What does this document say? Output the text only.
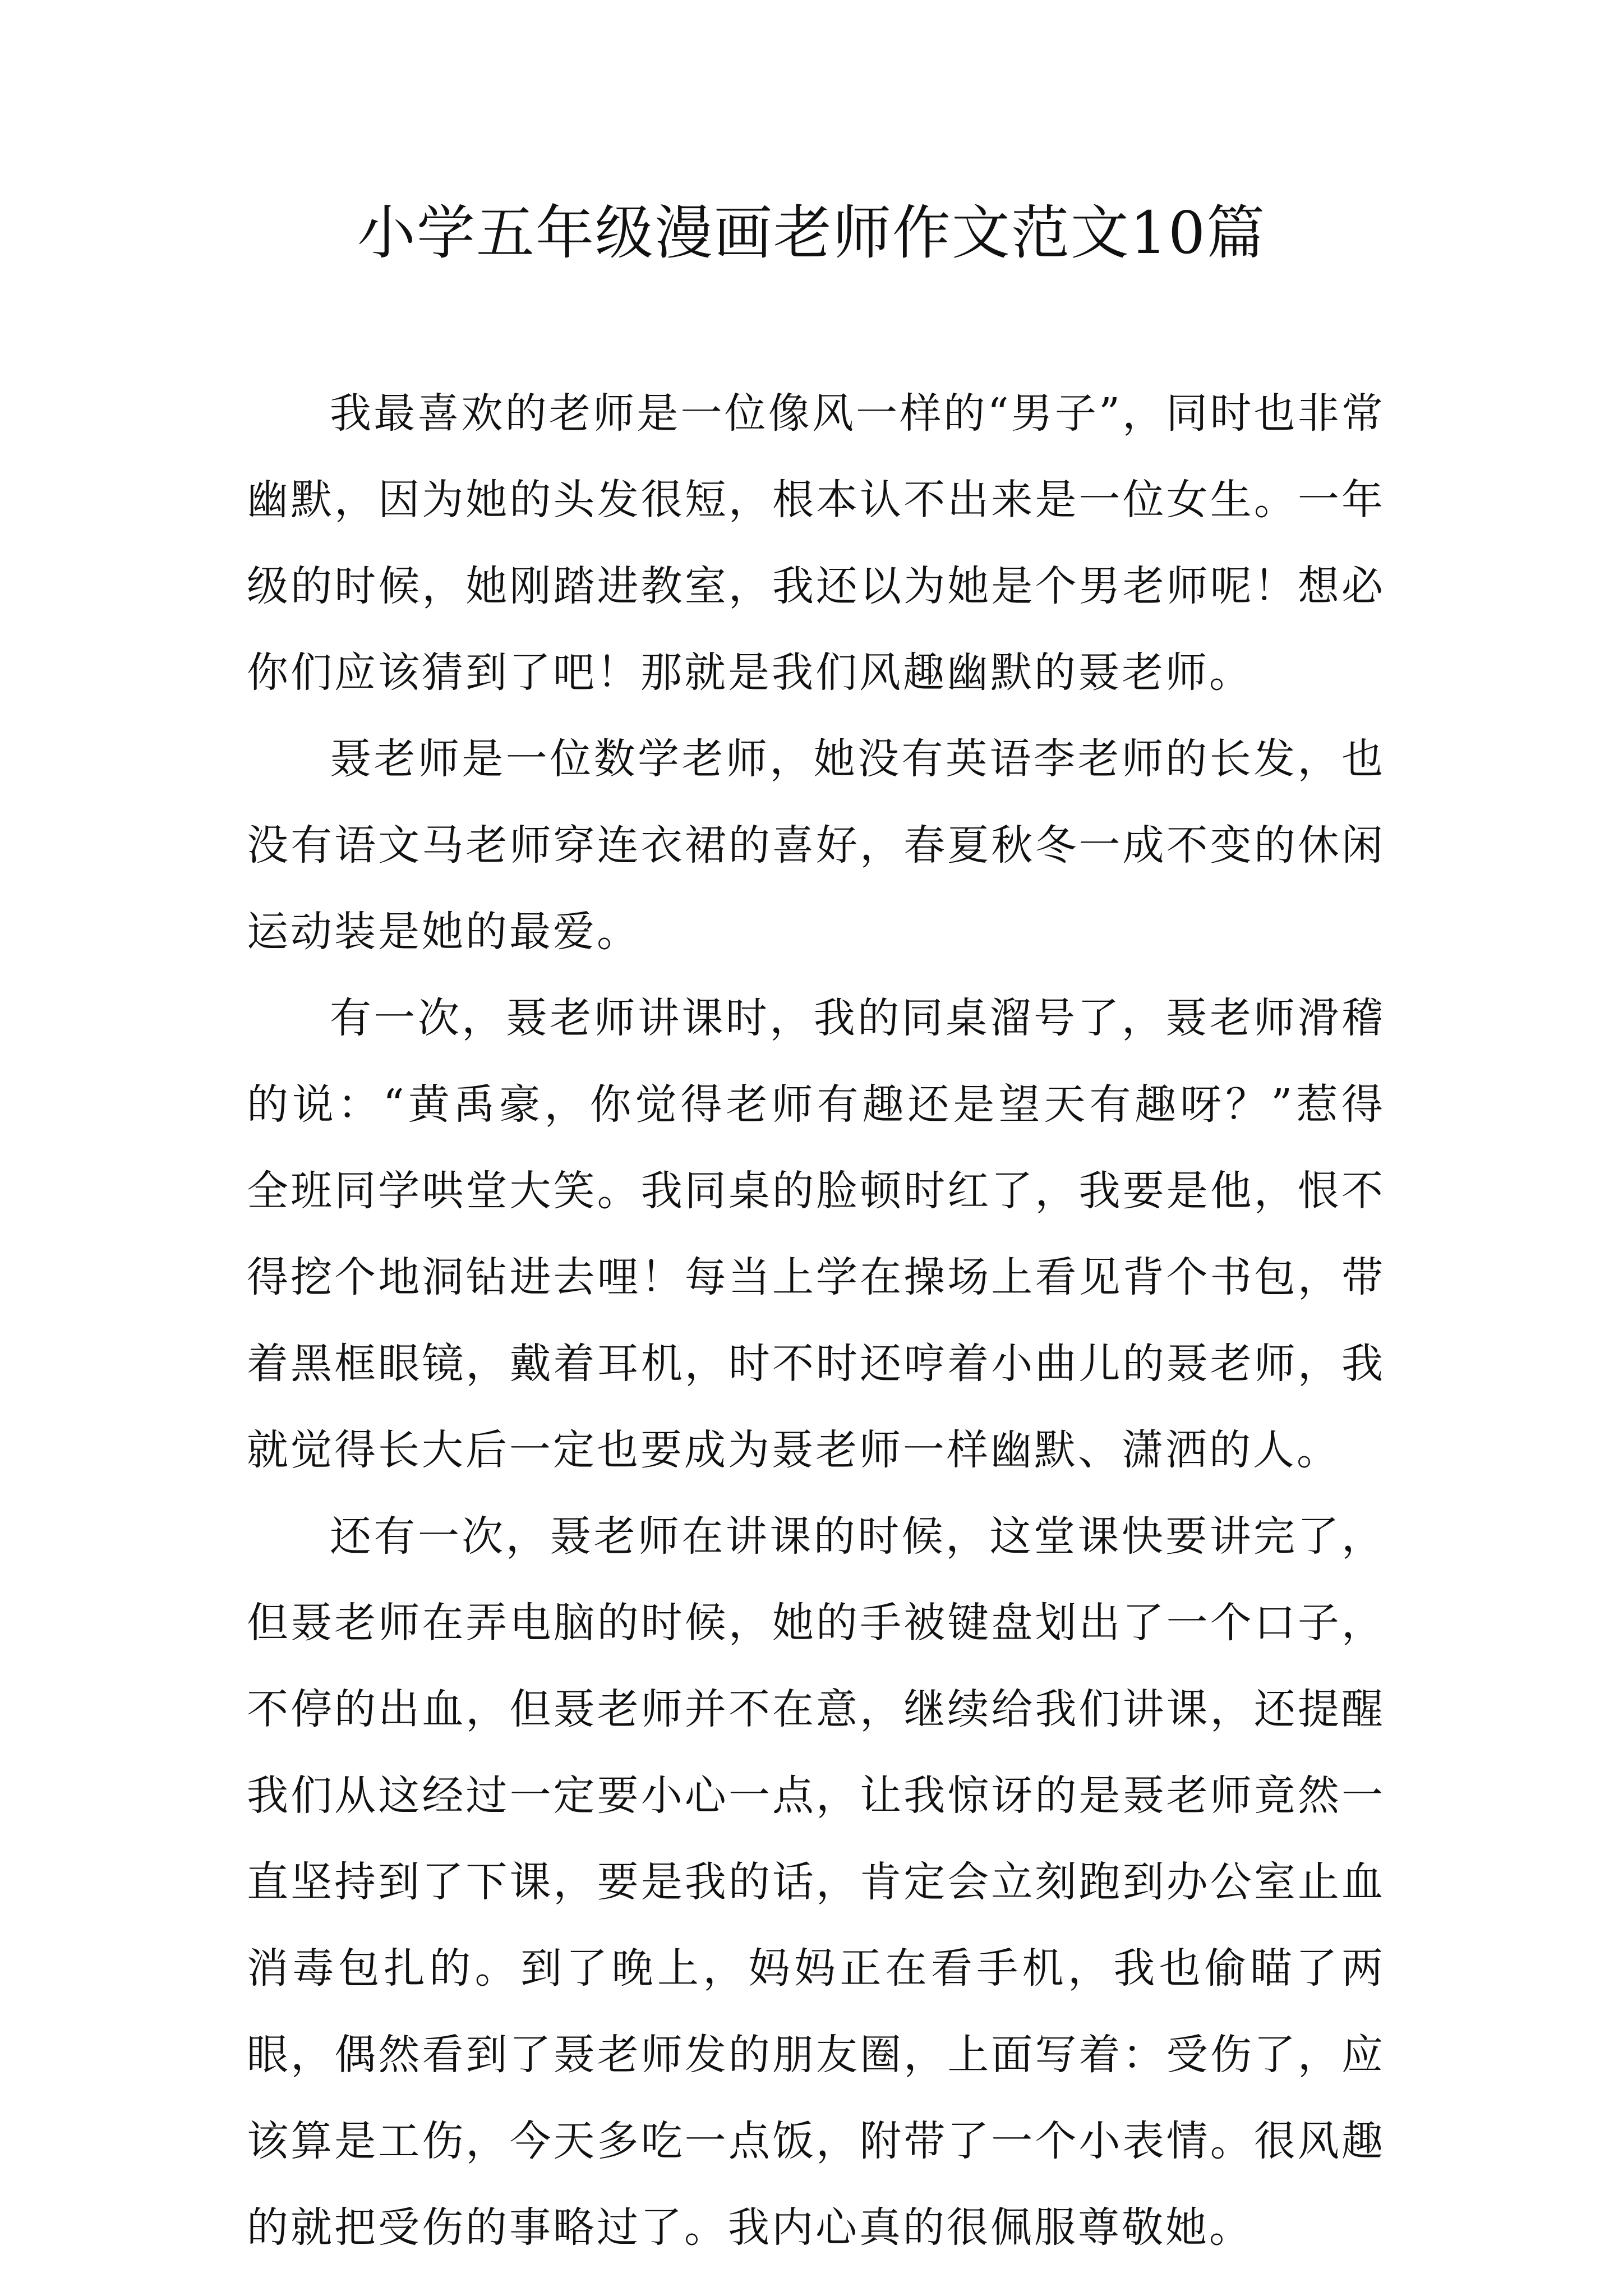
小学五年级漫画老师作文范文10篇

我最喜欢的老师是一位像风一样的“男子”，同时也非常幽默，因为她的头发很短，根本认不出来是一位女生。一年级的时候，她刚踏进教室，我还以为她是个男老师呢！想必你们应该猜到了吧！那就是我们风趣幽默的聂老师。

聂老师是一位数学老师，她没有英语李老师的长发，也没有语文马老师穿连衣裙的喜好，春夏秋冬一成不变的休闲运动装是她的最爱。

有一次，聂老师讲课时，我的同桌溜号了，聂老师滑稽的说：“黄禹豪，你觉得老师有趣还是望天有趣呀？”惹得全班同学哄堂大笑。我同桌的脸顿时红了，我要是他，恨不得挖个地洞钻进去哩！每当上学在操场上看见背个书包，带着黑框眼镜，戴着耳机，时不时还哼着小曲儿的聂老师，我就觉得长大后一定也要成为聂老师一样幽默、潇洒的人。

还有一次，聂老师在讲课的时候，这堂课快要讲完了，但聂老师在弄电脑的时候，她的手被键盘划出了一个口子，不停的出血，但聂老师并不在意，继续给我们讲课，还提醒我们从这经过一定要小心一点，让我惊讶的是聂老师竟然一直坚持到了下课，要是我的话，肯定会立刻跑到办公室止血消毒包扎的。到了晚上，妈妈正在看手机，我也偷瞄了两眼，偶然看到了聂老师发的朋友圈，上面写着：受伤了，应该算是工伤，今天多吃一点饭，附带了一个小表情。很风趣的就把受伤的事略过了。我内心真的很佩服尊敬她。
